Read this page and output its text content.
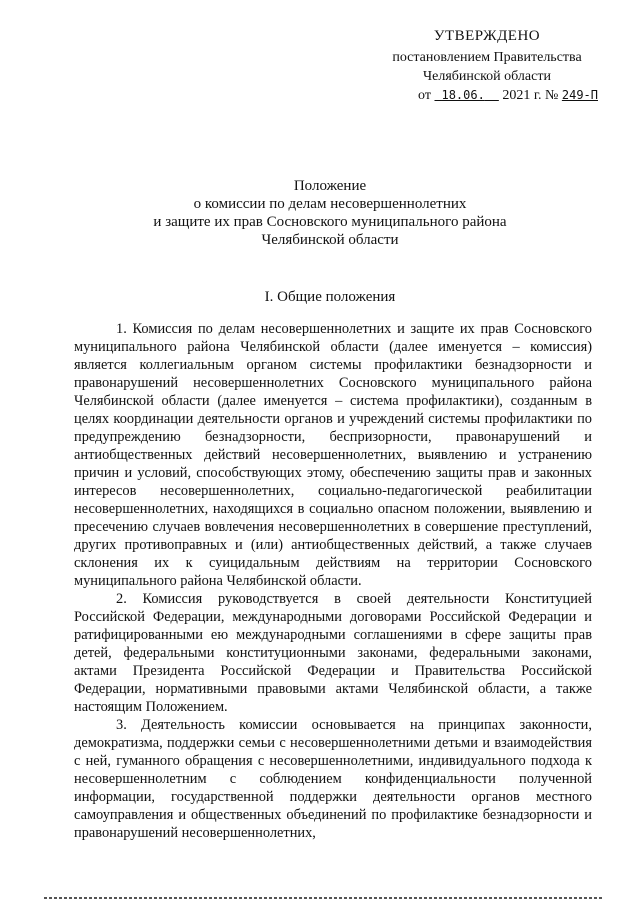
УТВЕРЖДЕНО
постановлением Правительства
Челябинской области
от 18.06. 2021 г. № 249-П
Положение
о комиссии по делам несовершеннолетних
и защите их прав Сосновского муниципального района
Челябинской области
I. Общие положения

1. Комиссия по делам несовершеннолетних и защите их прав Сосновского муниципального района Челябинской области (далее именуется – комиссия) является коллегиальным органом системы профилактики безнадзорности и правонарушений несовершеннолетних Сосновского муниципального района Челябинской области (далее именуется – система профилактики), созданным в целях координации деятельности органов и учреждений системы профилактики по предупреждению безнадзорности, беспризорности, правонарушений и антиобщественных действий несовершеннолетних, выявлению и устранению причин и условий, способствующих этому, обеспечению защиты прав и законных интересов несовершеннолетних, социально-педагогической реабилитации несовершеннолетних, находящихся в социально опасном положении, выявлению и пресечению случаев вовлечения несовершеннолетних в совершение преступлений, других противоправных и (или) антиобщественных действий, а также случаев склонения их к суицидальным действиям на территории Сосновского муниципального района Челябинской области.

2. Комиссия руководствуется в своей деятельности Конституцией Российской Федерации, международными договорами Российской Федерации и ратифицированными ею международными соглашениями в сфере защиты прав детей, федеральными конституционными законами, федеральными законами, актами Президента Российской Федерации и Правительства Российской Федерации, нормативными правовыми актами Челябинской области, а также настоящим Положением.

3. Деятельность комиссии основывается на принципах законности, демократизма, поддержки семьи с несовершеннолетними детьми и взаимодействия с ней, гуманного обращения с несовершеннолетними, индивидуального подхода к несовершеннолетним с соблюдением конфиденциальности полученной информации, государственной поддержки деятельности органов местного самоуправления и общественных объединений по профилактике безнадзорности и правонарушений несовершеннолетних,
